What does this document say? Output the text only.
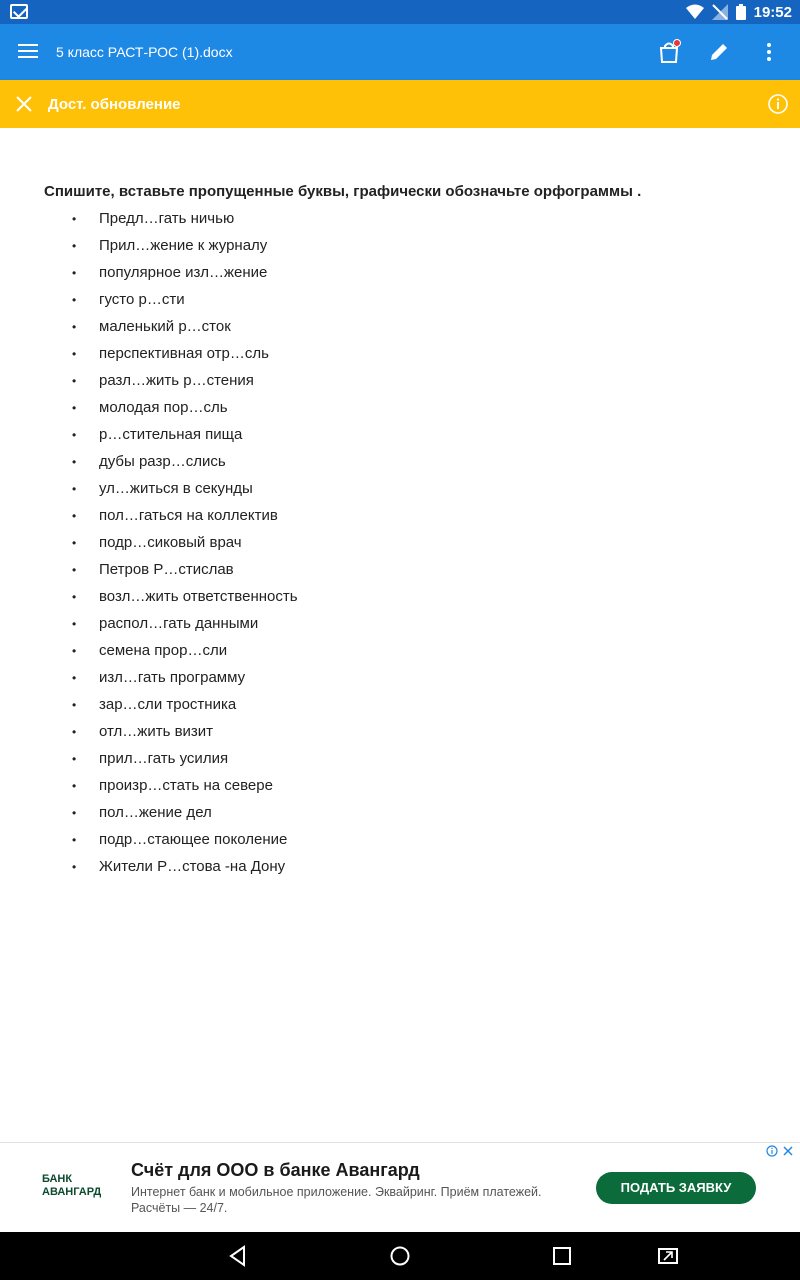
19:52
5 класс РАСТ-РОС (1).docx
Дост. обновление
Спишите, вставьте пропущенные буквы, графически обозначьте орфограммы .
• Предл…гать ничью
• Прил…жение к журналу
• популярное изл…жение
• густо р…сти
• маленький р…сток
• перспективная отр…сль
• разл…жить р…стения
• молодая пор…сль
• р…стительная пища
• дубы разр…слись
• ул…житься в секунды
• пол…гаться на коллектив
• подр…сиковый врач
• Петров Р…стислав
• возл…жить ответственность
• распол…гать данными
• семена прор…сли
• изл…гать программу
• зар…сли тростника
• отл…жить визит
• прил…гать усилия
• произр…стать на севере
• пол…жение дел
• подр…стающее поколение
• Жители Р…стова -на Дону
БАНК
АВАНГАРД
Счёт для ООО в банке Авангард
Интернет банк и мобильное приложение. Эквайринг. Приём платежей. Расчёты — 24/7.
ПОДАТЬ ЗАЯВКУ
